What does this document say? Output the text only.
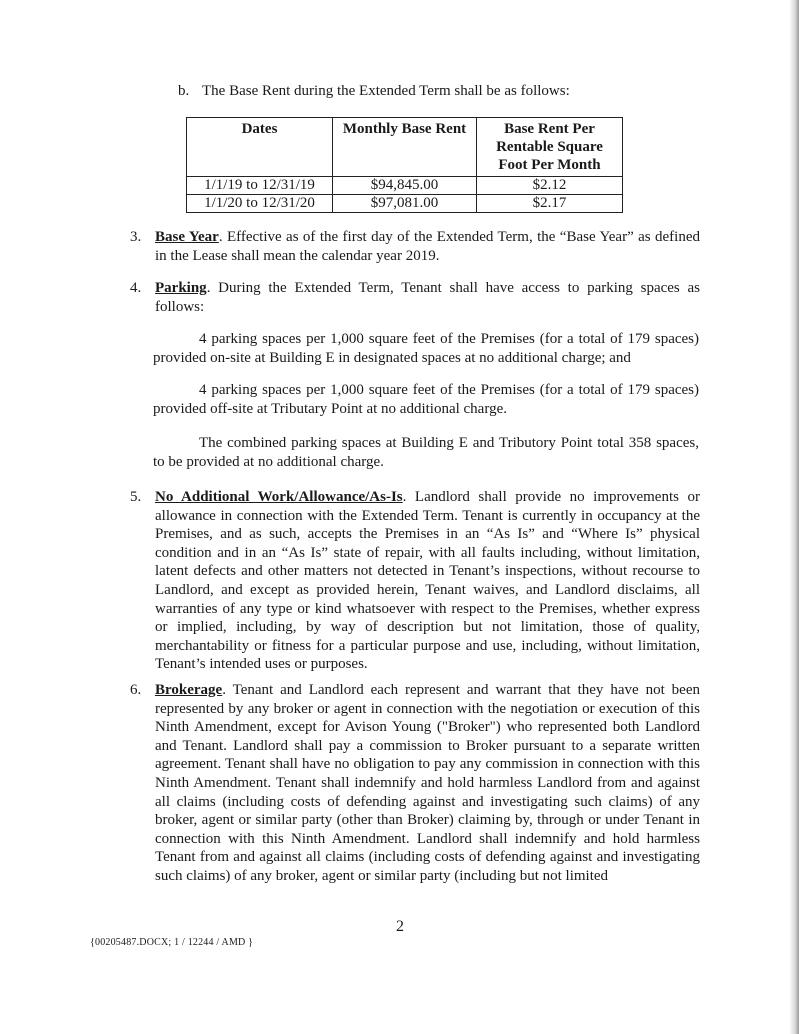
b. The Base Rent during the Extended Term shall be as follows:
Dates	Monthly Base Rent	Base Rent Per Rentable Square Foot Per Month
1/1/19 to 12/31/19	$94,845.00	$2.12
1/1/20 to 12/31/20	$97,081.00	$2.17
3. Base Year. Effective as of the first day of the Extended Term, the “Base Year” as defined in the Lease shall mean the calendar year 2019.
4. Parking. During the Extended Term, Tenant shall have access to parking spaces as follows:
4 parking spaces per 1,000 square feet of the Premises (for a total of 179 spaces) provided on-site at Building E in designated spaces at no additional charge; and
4 parking spaces per 1,000 square feet of the Premises (for a total of 179 spaces) provided off-site at Tributary Point at no additional charge.
The combined parking spaces at Building E and Tributory Point total 358 spaces, to be provided at no additional charge.
5. No Additional Work/Allowance/As-Is. Landlord shall provide no improvements or allowance in connection with the Extended Term. Tenant is currently in occupancy at the Premises, and as such, accepts the Premises in an “As Is” and “Where Is” physical condition and in an “As Is” state of repair, with all faults including, without limitation, latent defects and other matters not detected in Tenant’s inspections, without recourse to Landlord, and except as provided herein, Tenant waives, and Landlord disclaims, all warranties of any type or kind whatsoever with respect to the Premises, whether express or implied, including, by way of description but not limitation, those of quality, merchantability or fitness for a particular purpose and use, including, without limitation, Tenant’s intended uses or purposes.
6. Brokerage. Tenant and Landlord each represent and warrant that they have not been represented by any broker or agent in connection with the negotiation or execution of this Ninth Amendment, except for Avison Young ("Broker") who represented both Landlord and Tenant. Landlord shall pay a commission to Broker pursuant to a separate written agreement. Tenant shall have no obligation to pay any commission in connection with this Ninth Amendment. Tenant shall indemnify and hold harmless Landlord from and against all claims (including costs of defending against and investigating such claims) of any broker, agent or similar party (other than Broker) claiming by, through or under Tenant in connection with this Ninth Amendment. Landlord shall indemnify and hold harmless Tenant from and against all claims (including costs of defending against and investigating such claims) of any broker, agent or similar party (including but not limited
2
{00205487.DOCX; 1 / 12244 / AMD }
